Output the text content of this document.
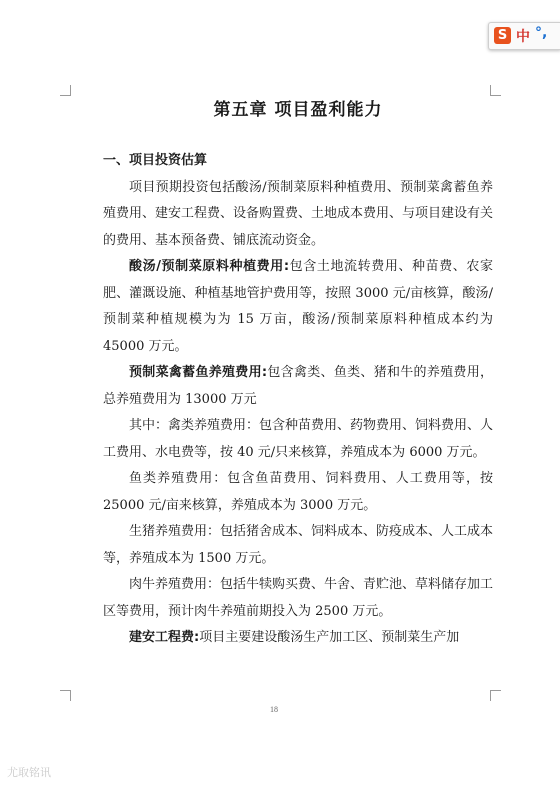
第五章 项目盈利能力
一、项目投资估算

项目预期投资包括酸汤/预制菜原料种植费用、预制菜禽蓄鱼养殖费用、建安工程费、设备购置费、土地成本费用、与项目建设有关的费用、基本预备费、铺底流动资金。

酸汤/预制菜原料种植费用:包含土地流转费用、种苗费、农家肥、灌溉设施、种植基地管护费用等，按照 3000 元/亩核算，酸汤/预制菜种植规模为为 15 万亩，酸汤/预制菜原料种植成本约为 45000 万元。

预制菜禽蓄鱼养殖费用:包含禽类、鱼类、猪和牛的养殖费用，总养殖费用为 13000 万元

其中：禽类养殖费用：包含种苗费用、药物费用、饲料费用、人工费用、水电费等，按 40 元/只来核算，养殖成本为 6000 万元。

鱼类养殖费用：包含鱼苗费用、饲料费用、人工费用等，按 25000 元/亩来核算，养殖成本为 3000 万元。

生猪养殖费用：包括猪舍成本、饲料成本、防疫成本、人工成本等，养殖成本为 1500 万元。

肉牛养殖费用：包括牛犊购买费、牛舍、青贮池、草料储存加工区等费用，预计肉牛养殖前期投入为 2500 万元。

建安工程费:项目主要建设酸汤生产加工区、预制菜生产加

18
S 中 °,
尤取铭讯
